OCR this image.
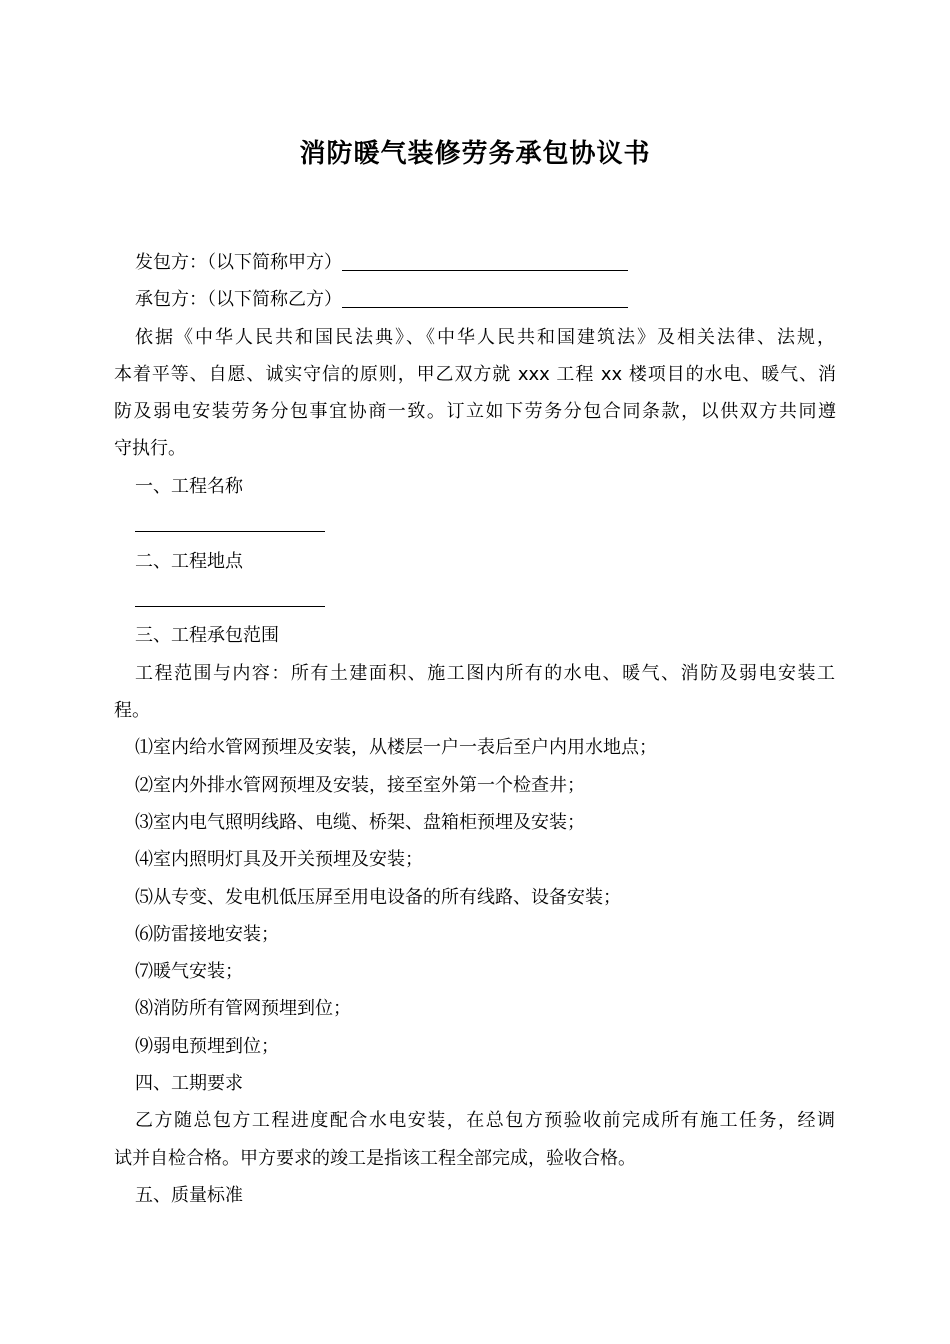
消防暖气装修劳务承包协议书
发包方：（以下简称甲方）
承包方：（以下简称乙方）
依据《中华人民共和国民法典》、《中华人民共和国建筑法》及相关法律、法规，
本着平等、自愿、诚实守信的原则，甲乙双方就 xxx 工程 xx 楼项目的水电、暖气、消
防及弱电安装劳务分包事宜协商一致。订立如下劳务分包合同条款，以供双方共同遵
守执行。
一、工程名称
二、工程地点
三、工程承包范围
工程范围与内容：所有土建面积、施工图内所有的水电、暖气、消防及弱电安装工
程。
⑴室内给水管网预埋及安装，从楼层一户一表后至户内用水地点；
⑵室内外排水管网预埋及安装，接至室外第一个检查井；
⑶室内电气照明线路、电缆、桥架、盘箱柜预埋及安装；
⑷室内照明灯具及开关预埋及安装；
⑸从专变、发电机低压屏至用电设备的所有线路、设备安装；
⑹防雷接地安装；
⑺暖气安装；
⑻消防所有管网预埋到位；
⑼弱电预埋到位；
四、工期要求
乙方随总包方工程进度配合水电安装，在总包方预验收前完成所有施工任务，经调
试并自检合格。甲方要求的竣工是指该工程全部完成，验收合格。
五、质量标准
